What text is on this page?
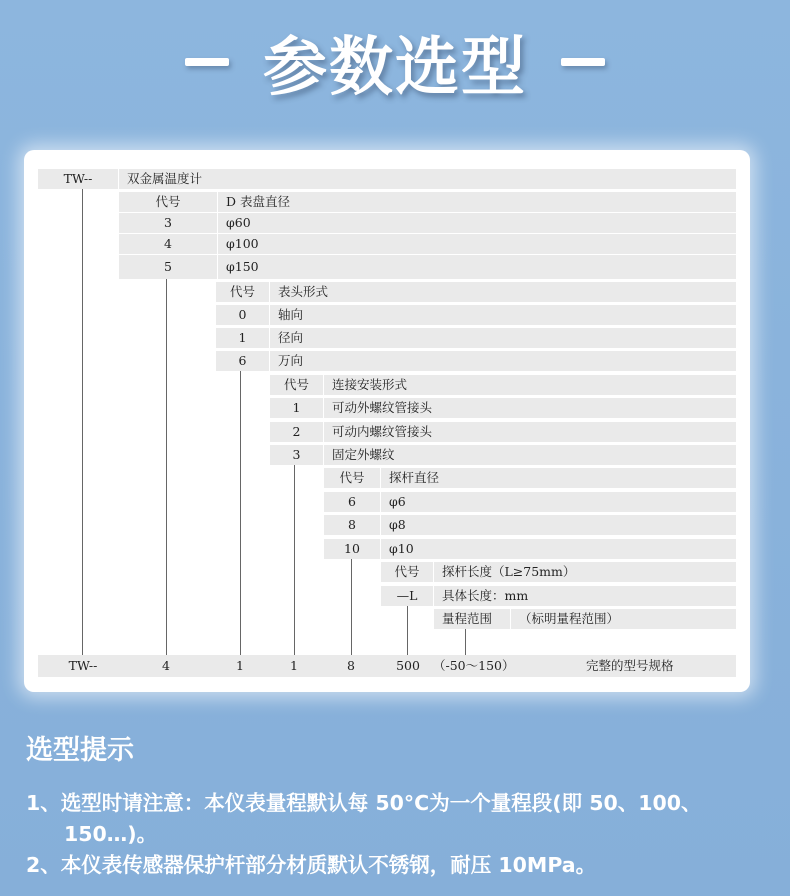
参数选型
TW--	双金属温度计
代号	D 表盘直径
3	φ60
4	φ100
5	φ150
代号	表头形式
0	轴向
1	径向
6	万向
代号	连接安装形式
1	可动外螺纹管接头
2	可动内螺纹管接头
3	固定外螺纹
代号	探杆直径
6	φ6
8	φ8
10	φ10
代号	探杆长度（L≥75mm）
—L	具体长度：mm
量程范围	（标明量程范围）
TW--	4	1	1	8	500	（-50～150）	完整的型号规格
选型提示
1、选型时请注意：本仪表量程默认每 50°C为一个量程段(即 50、100、
150…)。
2、本仪表传感器保护杆部分材质默认不锈钢，耐压 10MPa。
